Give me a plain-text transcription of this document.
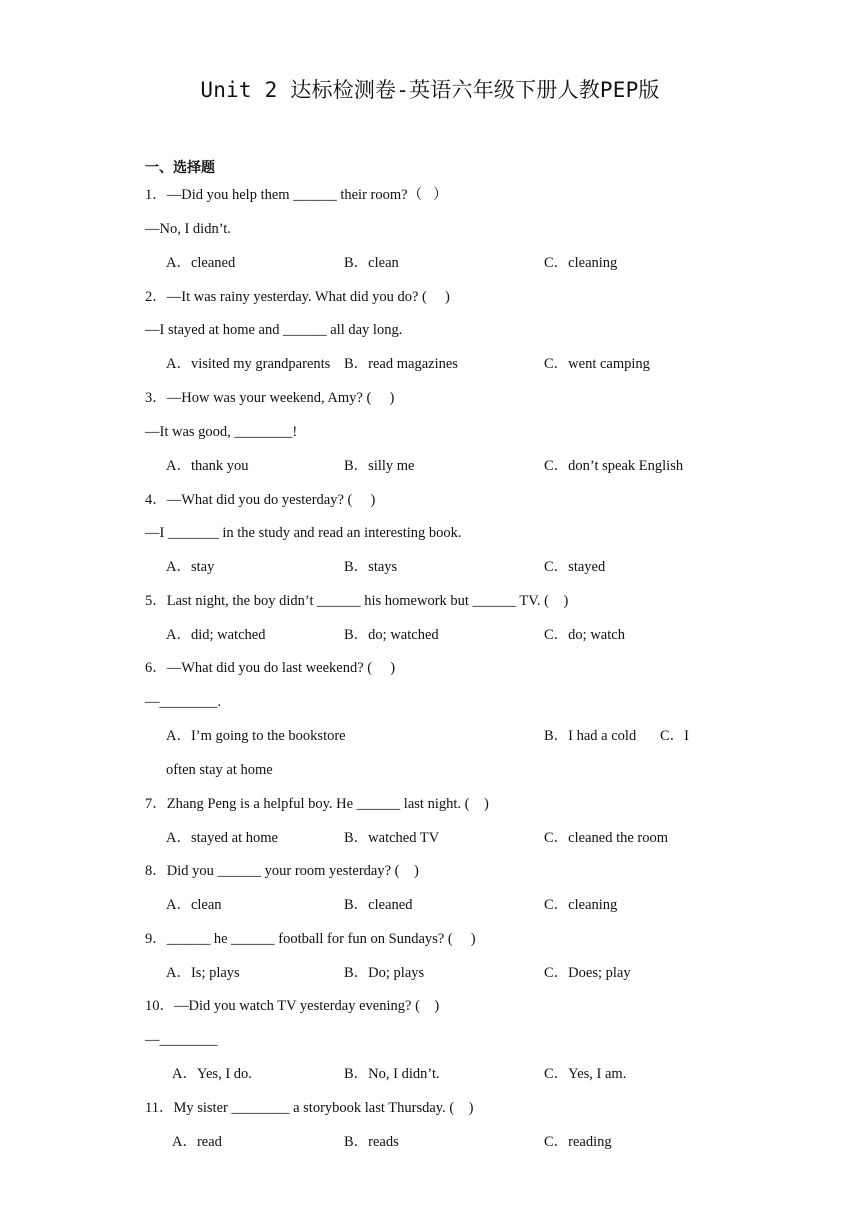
Unit 2 达标检测卷-英语六年级下册人教PEP版
一、选择题
1．—Did you help them ______ their room?（   ）
—No, I didn’t.
A．cleaned	B．clean	C．cleaning
2．—It was rainy yesterday. What did you do? (     )
—I stayed at home and ______ all day long.
A．visited my grandparents B．read magazines	C．went camping
3．—How was your weekend, Amy? (     )
—It was good, ________!
A．thank you	B．silly me	C．don’t speak English
4．—What did you do yesterday? (     )
—I _______ in the study and read an interesting book.
A．stay	B．stays	C．stayed
5．Last night, the boy didn’t ______ his homework but ______ TV. (    )
A．did; watched	B．do; watched	C．do; watch
6．—What did you do last weekend? (     )
—________.
A．I’m going to the bookstore	B．I had a cold C．I
often stay at home
7．Zhang Peng is a helpful boy. He ______ last night. (    )
A．stayed at home	B．watched TV	C．cleaned the room
8．Did you ______ your room yesterday? (    )
A．clean	B．cleaned	C．cleaning
9．______ he ______ football for fun on Sundays? (     )
A．Is; plays	B．Do; plays	C．Does; play
10．—Did you watch TV yesterday evening? (    )
—________
A．Yes, I do.	B．No, I didn’t.	C．Yes, I am.
11．My sister ________ a storybook last Thursday. (    )
A．read	B．reads	C．reading
